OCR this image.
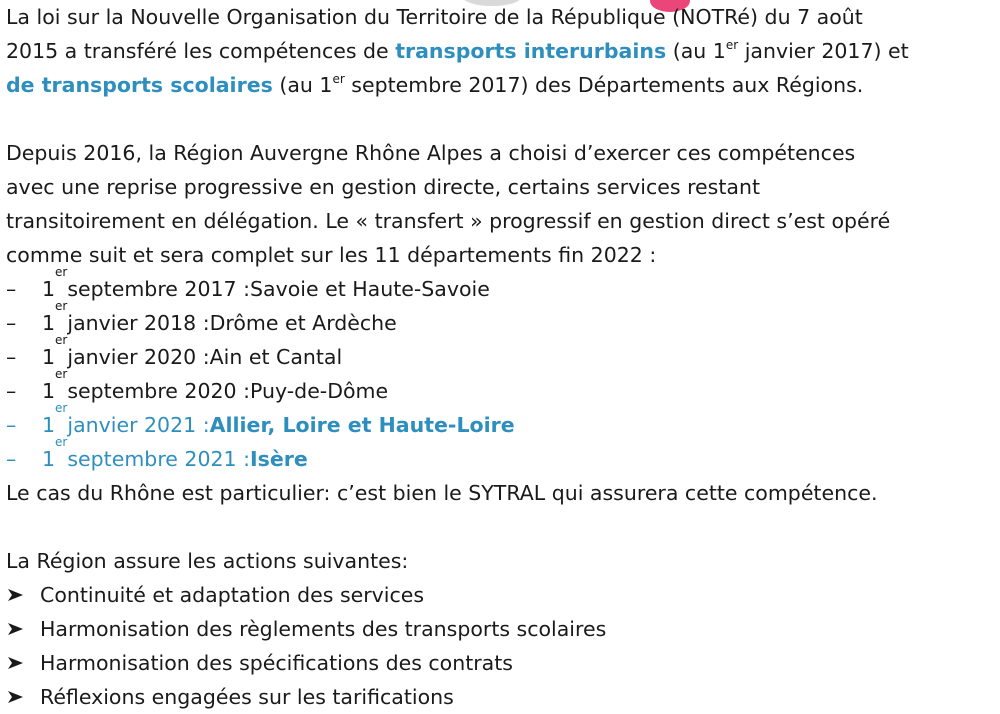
La loi sur la Nouvelle Organisation du Territoire de la République (NOTRé) du 7 août

2015 a transféré les compétences de transports interurbains (au 1er janvier 2017) et

de transports scolaires (au 1er septembre 2017) des Départements aux Régions.

Depuis 2016, la Région Auvergne Rhône Alpes a choisi d’exercer ces compétences

avec une reprise progressive en gestion directe, certains services restant

transitoirement en délégation. Le « transfert » progressif en gestion direct s’est opéré

comme suit et sera complet sur les 11 départements fin 2022 :

–	1
er
septembre 2017 : Savoie et Haute-Savoie
–	1
er
janvier 2018 : Drôme et Ardèche
–	1
er
janvier 2020 : Ain et Cantal
–	1
er
septembre 2020 : Puy-de-Dôme
–	1
er
janvier 2021 : Allier, Loire et Haute-Loire
–	1
er
septembre 2021 : Isère

Le cas du Rhône est particulier: c’est bien le SYTRAL qui assurera cette compétence.

La Région assure les actions suivantes:

Continuité et adaptation des services
Harmonisation des règlements des transports scolaires
Harmonisation des spécifications des contrats
Réflexions engagées sur les tarifications
